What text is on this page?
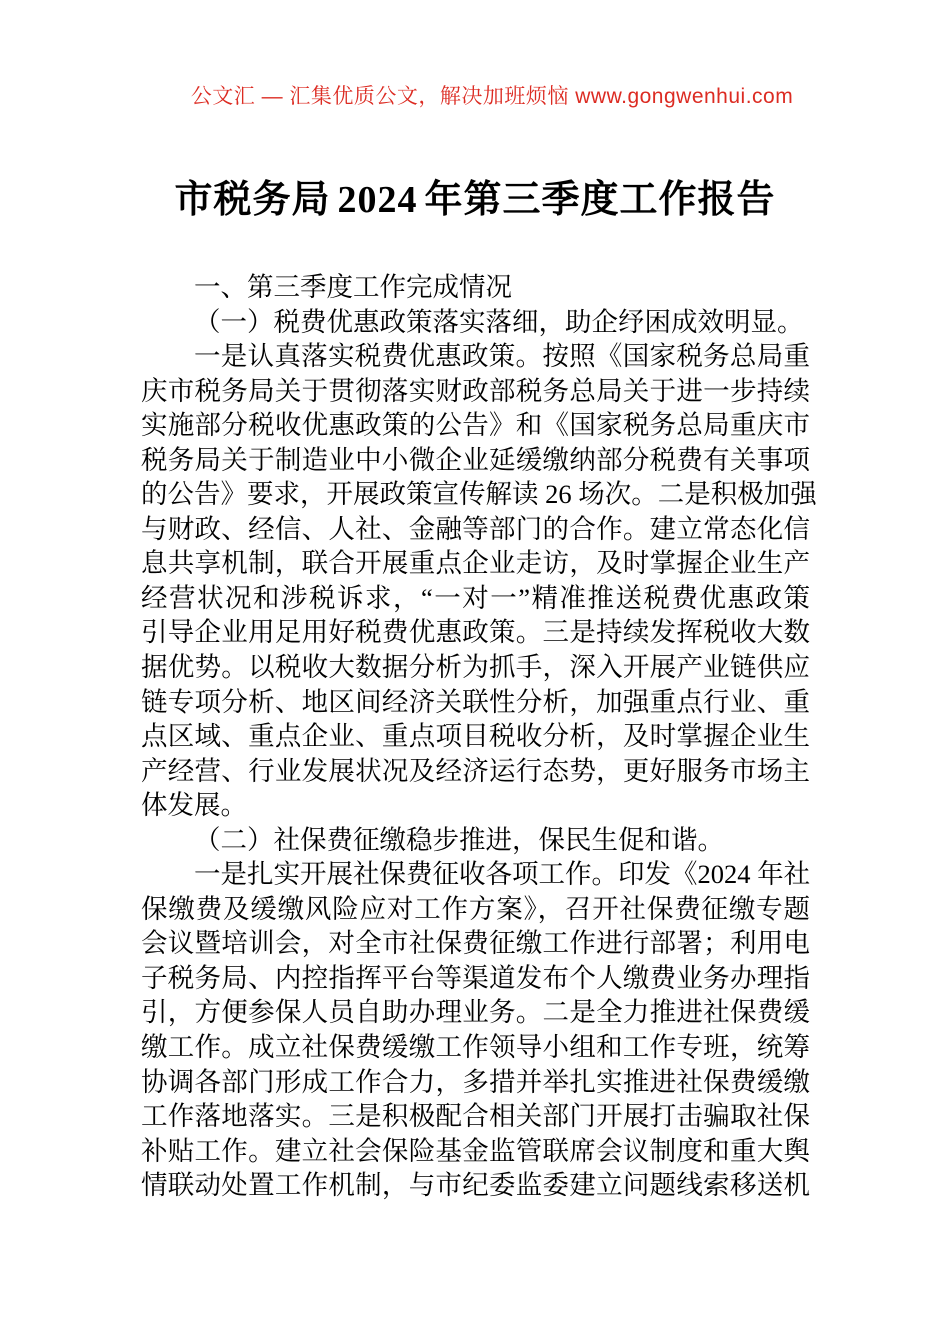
公文汇 — 汇集优质公文，解决加班烦恼 www.gongwenhui.com
市税务局 2024 年第三季度工作报告
一、第三季度工作完成情况
（一）税费优惠政策落实落细，助企纾困成效明显。
一是认真落实税费优惠政策。按照《国家税务总局重
庆市税务局关于贯彻落实财政部税务总局关于进一步持续
实施部分税收优惠政策的公告》和《国家税务总局重庆市
税务局关于制造业中小微企业延缓缴纳部分税费有关事项
的公告》要求，开展政策宣传解读 26 场次。二是积极加强
与财政、经信、人社、金融等部门的合作。建立常态化信
息共享机制，联合开展重点企业走访，及时掌握企业生产
经营状况和涉税诉求，“一对一”精准推送税费优惠政策
引导企业用足用好税费优惠政策。三是持续发挥税收大数
据优势。以税收大数据分析为抓手，深入开展产业链供应
链专项分析、地区间经济关联性分析，加强重点行业、重
点区域、重点企业、重点项目税收分析，及时掌握企业生
产经营、行业发展状况及经济运行态势，更好服务市场主
体发展。
（二）社保费征缴稳步推进，保民生促和谐。
一是扎实开展社保费征收各项工作。印发《2024 年社
保缴费及缓缴风险应对工作方案》，召开社保费征缴专题
会议暨培训会，对全市社保费征缴工作进行部署；利用电
子税务局、内控指挥平台等渠道发布个人缴费业务办理指
引，方便参保人员自助办理业务。二是全力推进社保费缓
缴工作。成立社保费缓缴工作领导小组和工作专班，统筹
协调各部门形成工作合力，多措并举扎实推进社保费缓缴
工作落地落实。三是积极配合相关部门开展打击骗取社保
补贴工作。建立社会保险基金监管联席会议制度和重大舆
情联动处置工作机制，与市纪委监委建立问题线索移送机
